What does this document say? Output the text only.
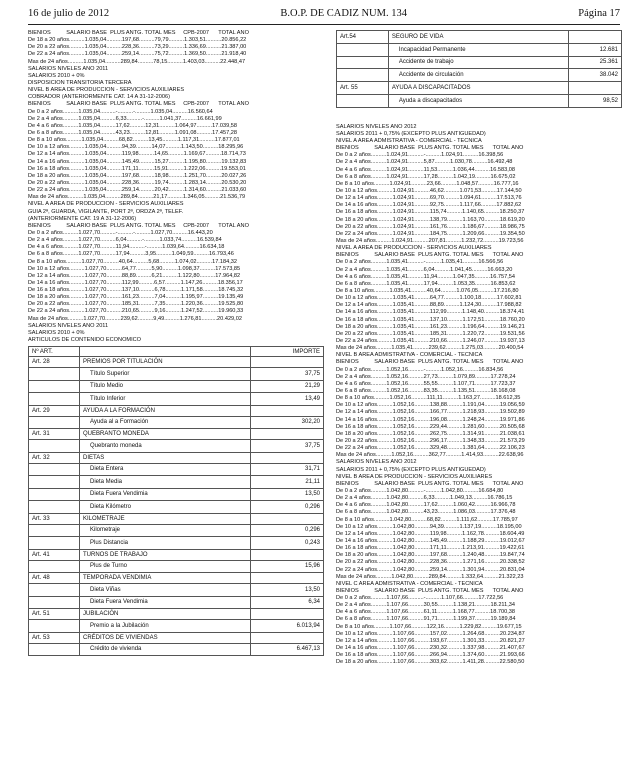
16 de julio de 2012	B.O.P. DE CADIZ NUM. 134	Página 17
BIENIOS          SALARIO BASE  PLUS ANTG. TOTAL MES     CPB-2007      TOTAL AÑO
De 18 a 20 años..........1.035,04..........197,68..........79,79..........1.303,51..........20.856,22
De 20 a 22 años..........1.035,04..........228,36..........73,29..........1.336,69..........21.387,00
De 22 a 24 años..........1.035,04..........259,14..........75,72..........1.369,50..........21.918,40
Mas de 24 años..........1.035,04..........289,84..........78,15..........1.403,03..........22.448,47
SALARIOS NIVELES AÑO 2011
SALARIOS 2010 + 0%
DISPOSICION TRANSITORIA TERCERA
NIVEL B AREA DE PRODUCCION - SERVICIOS AUXILIARES
COBRADOR (ANTERIORMENTE CAT. 14 A 31-12-2006)
BIENIOS          SALARIO BASE  PLUS ANTG. TOTAL MES     CPB-2007      TOTAL AÑO
De 0 a 2 años..........1.035,04..........-..........-..........1.035,04..........16.560,64
De 2 a 4 años..........1.035,04..........6,33..........-..........1.041,37..........16.661,99
De 4 a 6 años..........1.035,04..........17,62..........12,31..........1.064,97..........17.039,58
De 6 a 8 años..........1.035,04..........43,23..........12,81..........1.091,08..........17.457,28
De 8 a 10 años..........1.035,04..........68,82..........13,45..........1.117,31..........17.877,01
De 10 a 12 años..........1.035,04..........94,39..........14,07..........1.143,50..........18.295,96
De 12 a 14 años..........1.035,04..........119,98..........14,65..........1.169,67..........18.714,73
De 14 a 16 años..........1.035,04..........145,49..........15,27..........1.195,80..........19.132,83
De 16 a 18 años..........1.035,04..........171,11..........15,91..........1.222,06..........19.553,01
De 18 a 20 años..........1.035,04..........197,68..........18,98..........1.251,70..........20.027,26
De 20 a 22 años..........1.035,04..........228,36..........19,74..........1.283,14..........20.530,20
De 22 a 24 años..........1.035,04..........259,14..........20,42..........1.314,60..........21.033,60
Mas de 24 años..........1.035,04..........289,84..........21,17..........1.346,05..........21.536,79
NIVEL A AREA DE PRODUCCION - SERVICIOS AUXILIARES
GUIA 2ª, GUARDA, VIGILANTE, PORT 2ª, ORDZA 2ª, TELEF.
(ANTERIORMENTE CAT. 19 A 31-12-2006)
BIENIOS          SALARIO BASE  PLUS ANTG. TOTAL MES     CPB-2007      TOTAL AÑO
De 0 a 2 años..........1.027,70..........-..........-..........1.027,70..........16.443,20
De 2 a 4 años..........1.027,70..........6,04..........-..........1.033,74..........16.539,84
De 4 a 6 años..........1.027,70..........11,94..........-..........1.039,64..........16.634,18
De 6 a 8 años..........1.027,70..........17,94..........3,95..........1.049,59..........16.793,46
De 8 a 10 años..........1.027,70..........40,64..........5,68..........1.074,02..........17.184,32
De 10 a 12 años..........1.027,70..........64,77..........5,90..........1.098,37..........17.573,85
De 12 a 14 años..........1.027,70..........88,89..........6,21..........1.122,80..........17.964,82
De 14 a 16 años..........1.027,70..........112,99..........6,57..........1.147,26..........18.356,17
De 16 a 18 años..........1.027,70..........137,10..........6,78..........1.171,58..........18.745,32
De 18 a 20 años..........1.027,70..........161,23..........7,04..........1.195,97..........19.135,49
De 20 a 22 años..........1.027,70..........185,31..........7,35..........1.220,36..........19.525,80
De 22 a 24 años..........1.027,70..........210,65..........9,16..........1.247,52..........19.960,33
Mas de 24 años..........1.027,70..........239,62..........9,49..........1.276,81..........20.429,02
SALARIOS NIVELES AÑO 2011
SALARIOS 2010 + 0%
ARTÍCULOS DE CONTENIDO ECONÓMICO
Nº ART.		IMPORTE
Art. 28	PREMIOS POR TITULACIÓN	
	Título Superior	37,75
	Título Medio	21,29
	Título Inferior	13,49
Art. 29	AYUDA A LA FORMACIÓN	
	Ayuda al a Formación	302,20
Art. 31	QUEBRANTO MONEDA	
	Quebranto moneda	37,75
Art. 32	DIETAS	
	Dieta Entera	31,71
	Dieta Media	21,11
	Dieta Fuera Vendimia	13,50
	Dieta Kilómetro	0,296
Art. 33	KILOMETRAJE	
	Kilometraje	0,296
	Plus Distancia	0,243
Art. 41	TURNOS DE TRABAJO	
	Plus de Turno	15,96
Art. 48	TEMPORADA VENDIMIA	
	Dieta Viñas	13,50
	Dieta Fuera Vendimia	6,34
Art. 51	JUBILACIÓN	
	Premio a la Jubilación	6.013,94
Art. 53	CRÉDITOS DE VIVIENDAS	
	Crédito de vivienda	6.467,13
Art.54	SEGURO DE VIDA	
	Incapacidad Permanente	12.681
	Accidente de trabajo	25.361
	Accidente de circulación	38.042
Art. 55	AYUDA A DISCAPACITADOS	
	Ayuda a discapacitados	98,52
SALARIOS NIVELES AÑO 2012
SALARIOS 2011 + 0,75% (EXCEPTO PLUS ANTIGUEDAD)
NIVEL A AREA ADMISTRATIVA - COMERCIAL - TECNICA
BIENIOS          SALARIO BASE  PLUS ANTG. TOTAL MES      TOTAL AÑO
De 0 a 2 años..........1.024,91..........-..........1.024,91..........16.398,56
De 2 a 4 años..........1.024,91..........5,87..........1.030,78..........16.492,48
De 4 a 6 años..........1.024,91..........11,53..........1.036,44..........16.583,08
De 6 a 8 años..........1.024,91..........17,28..........1.042,19..........16.675,02
De 8 a 10 años..........1.024,91..........23,66..........1.048,57..........16.777,16
De 10 a 12 años..........1.024,91..........46,62..........1.071,53..........17.144,50
De 12 a 14 años..........1.024,91..........69,70..........1.094,61..........17.513,76
De 14 a 16 años..........1.024,91..........92,75..........1.117,66..........17.882,62
De 16 a 18 años..........1.024,91..........115,74..........1.140,65..........18.250,37
De 18 a 20 años..........1.024,91..........138,79..........1.163,70..........18.619,20
De 20 a 22 años..........1.024,91..........161,76..........1.186,67..........18.986,75
De 22 a 24 años..........1.024,91..........184,75..........1.209,66..........19.354,50
Mas de 24 años..........1.024,91..........207,81..........1.232,72..........19.723,56
NIVEL A AREA DE PRODUCCION - SERVICIOS AUXILIARES
BIENIOS          SALARIO BASE  PLUS ANTG. TOTAL MES      TOTAL AÑO
De 0 a 2 años..........1.035,41..........-..........1.035,41..........16.566,56
De 2 a 4 años..........1.035,41..........6,04..........1.041,45..........16.663,20
De 4 a 6 años..........1.035,41..........11,94..........1.047,35..........16.757,54
De 6 a 8 años..........1.035,41..........17,94..........1.053,35..........16.853,62
De 8 a 10 años..........1.035,41..........40,64..........1.076,05..........17.216,80
De 10 a 12 años..........1.035,41..........64,77..........1.100,18..........17.602,81
De 12 a 14 años..........1.035,41..........88,89..........1.124,30..........17.988,82
De 14 a 16 años..........1.035,41..........112,99..........1.148,40..........18.374,41
De 16 a 18 años..........1.035,41..........137,10..........1.172,51..........18.760,20
De 18 a 20 años..........1.035,41..........161,23..........1.196,64..........19.146,21
De 20 a 22 años..........1.035,41..........185,31..........1.220,72..........19.531,56
De 22 a 24 años..........1.035,41..........210,66..........1.246,07..........19.937,13
Mas de 24 años..........1.035,41..........239,62..........1.275,03..........20.400,54
NIVEL B AREA ADMISTRATIVA - COMERCIAL - TECNICA
BIENIOS          SALARIO BASE  PLUS ANTG. TOTAL MES      TOTAL AÑO
De 0 a 2 años..........1.052,16..........-..........1.052,16..........16.834,56
De 2 a 4 años..........1.052,16..........27,73..........1.079,89..........17.278,24
De 4 a 6 años..........1.052,16..........55,55..........1.107,71..........17.723,37
De 6 a 8 años..........1.052,16..........83,35..........1.135,51..........18.168,08
De 8 a 10 años..........1.052,16..........111,11..........1.163,27..........18.612,35
De 10 a 12 años..........1.052,16..........138,88..........1.191,04..........19.056,59
De 12 a 14 años..........1.052,16..........166,77..........1.218,93..........19.502,89
De 14 a 16 años..........1.052,16..........196,08..........1.248,24..........19.971,86
De 16 a 18 años..........1.052,16..........229,44..........1.281,60..........20.505,68
De 18 a 20 años..........1.052,16..........262,75..........1.314,91..........21.038,61
De 20 a 22 años..........1.052,16..........296,17..........1.348,33..........21.573,29
De 22 a 24 años..........1.052,16..........329,48..........1.381,64..........22.106,23
Mas de 24 años..........1.052,16..........362,77..........1.414,93..........22.638,96
SALARIOS NIVELES AÑO 2012
SALARIOS 2011 + 0,75% (EXCEPTO PLUS ANTIGUEDAD)
NIVEL B AREA DE PRODUCCION - SERVICIOS AUXILIARES
BIENIOS          SALARIO BASE  PLUS ANTG. TOTAL MES      TOTAL AÑO
De 0 a 2 años..........1.042,80..........-..........1.042,80..........16.684,80
De 2 a 4 años..........1.042,80..........6,33..........1.049,13..........16.786,15
De 4 a 6 años..........1.042,80..........17,62..........1.060,42..........16.966,78
De 6 a 8 años..........1.042,80..........43,23..........1.086,03..........17.376,48
De 8 a 10 años..........1.042,80..........68,82..........1.111,62..........17.785,97
De 10 a 12 años..........1.042,80..........94,39..........1.137,19..........18.195,00
De 12 a 14 años..........1.042,80..........119,98..........1.162,78..........18.604,49
De 14 a 16 años..........1.042,80..........145,49..........1.188,29..........19.012,67
De 16 a 18 años..........1.042,80..........171,11..........1.213,91..........19.422,61
De 18 a 20 años..........1.042,80..........197,68..........1.240,48..........19.847,74
De 20 a 22 años..........1.042,80..........228,36..........1.271,16..........20.338,52
De 22 a 24 años..........1.042,80..........259,14..........1.301,94..........20.831,04
Mas de 24 años..........1.042,80..........289,84..........1.332,64..........21.322,23
NIVEL C AREA ADMISTRATIVA - COMERCIAL - TECNICA
BIENIOS          SALARIO BASE  PLUS ANTG. TOTAL MES      TOTAL AÑO
De 0 a 2 años..........1.107,66..........-..........1.107,66..........17.722,56
De 2 a 4 años..........1.107,66..........30,55..........1.138,21..........18.211,34
De 4 a 6 años..........1.107,66..........61,11..........1.168,77..........18.700,38
De 6 a 8 años..........1.107,66..........91,71..........1.199,37..........19.189,84
De 8 a 10 años..........1.107,66..........122,16..........1.229,82..........19.677,15
De 10 a 12 años..........1.107,66..........157,02..........1.264,68..........20.234,87
De 12 a 14 años..........1.107,66..........193,67..........1.301,33..........20.821,27
De 14 a 16 años..........1.107,66..........230,32..........1.337,98..........21.407,67
De 16 a 18 años..........1.107,66..........266,94..........1.374,60..........21.993,66
De 18 a 20 años..........1.107,66..........303,62..........1.411,28..........22.580,50
